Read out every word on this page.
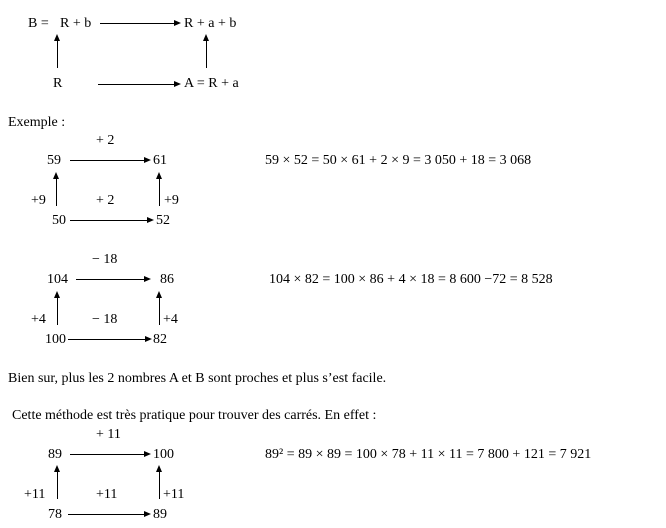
B = R + b	R + a + b
R	A = R + a
Exemple :
+ 2
59	61
+9	+ 2	+9
50	52
59 × 52 = 50 × 61 + 2 × 9 = 3 050 + 18 = 3 068
− 18
104	86
+4	− 18	+4
100	82
104 × 82 = 100 × 86 + 4 × 18 = 8 600 −72 = 8 528
Bien sur, plus les 2 nombres A et B sont proches et plus s’est facile.
Cette méthode est très pratique pour trouver des carrés. En effet :
+ 11
89	100
+11	+11	+11
78	89
89² = 89 × 89 = 100 × 78 + 11 × 11 = 7 800 + 121 = 7 921
